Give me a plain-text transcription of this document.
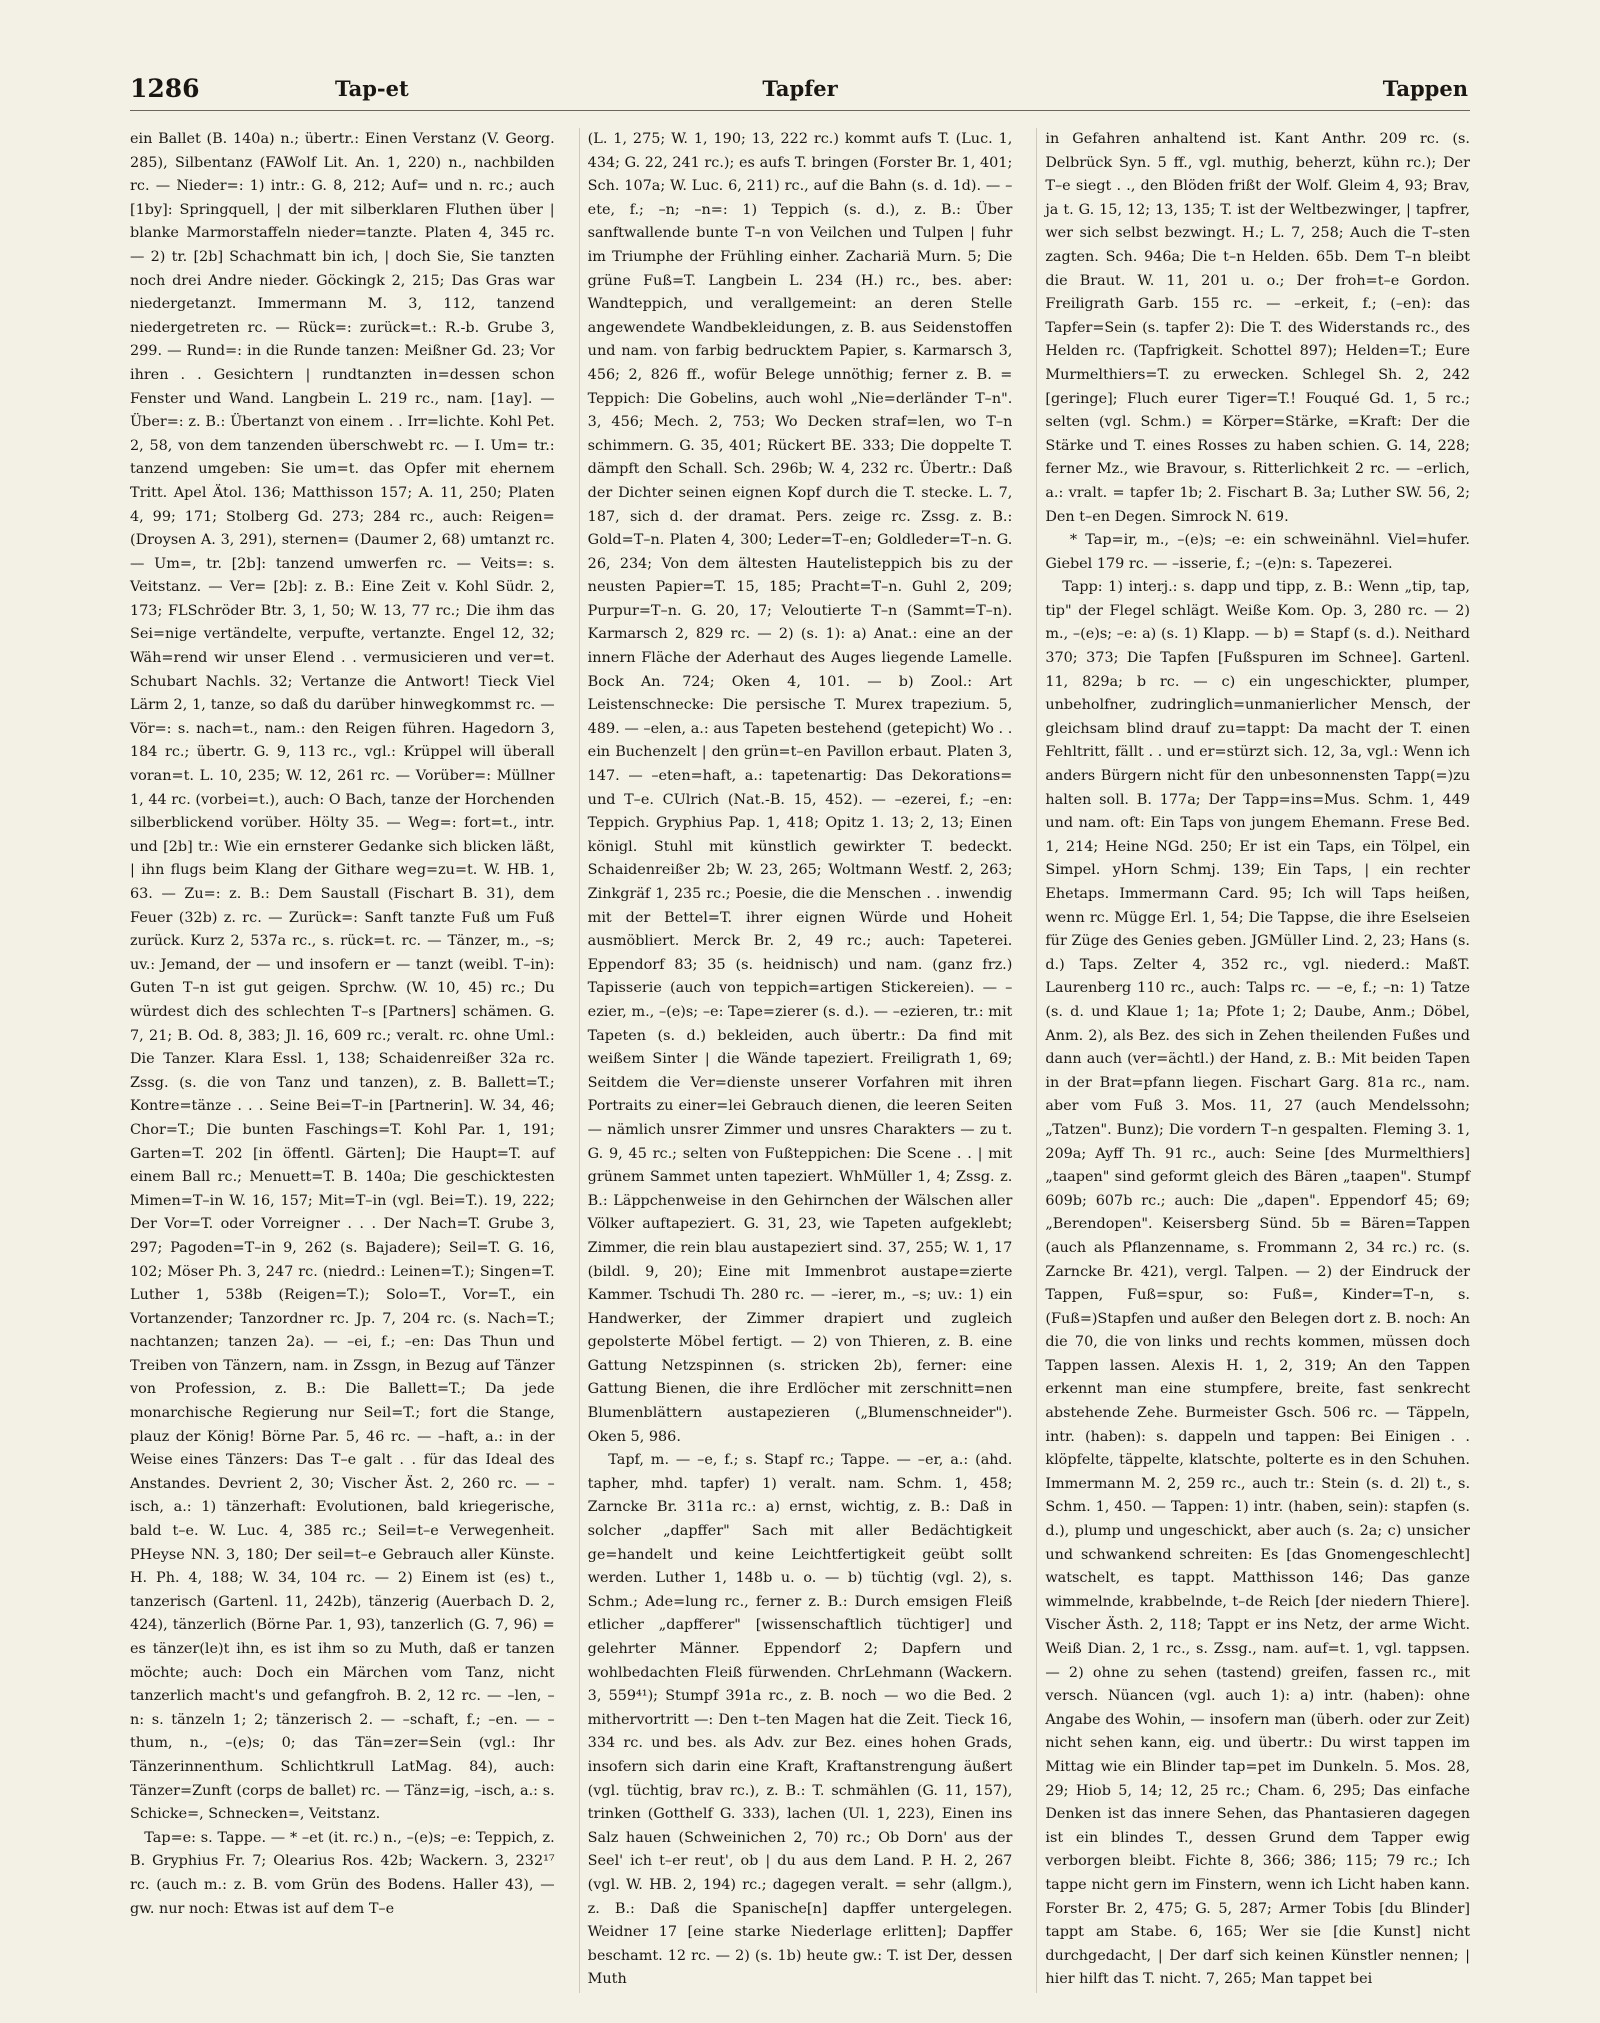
1286	Tap-et	Tapfer	Tappen

ein Ballet (B. 140a) n.; übertr.: Einen Verstanz (V. Georg. 285), Silbentanz (FAWolf Lit. An. 1, 220) n., nachbilden rc. — Nieder=: 1) intr.: G. 8, 212; Auf= und n. rc.; auch [1by]: Springquell, | der mit silberklaren Fluthen über | blanke Marmorstaffeln nieder=tanzte. Platen 4, 345 rc. — 2) tr. [2b] Schachmatt bin ich, | doch Sie, Sie tanzten noch drei Andre nieder. Göckingk 2, 215; Das Gras war niedergetanzt. Immermann M. 3, 112, tanzend niedergetreten rc. — Rück=: zurück=t.: R.-b. Grube 3, 299. — Rund=: in die Runde tanzen: Meißner Gd. 23; Vor ihren . . Gesichtern | rundtanzten in=dessen schon Fenster und Wand. Langbein L. 219 rc., nam. [1ay]. — Über=: z. B.: Übertanzt von einem . . Irr=lichte. Kohl Pet. 2, 58, von dem tanzenden überschwebt rc. — I. Um= tr.: tanzend umgeben: Sie um=t. das Opfer mit ehernem Tritt. Apel Ätol. 136; Matthisson 157; A. 11, 250; Platen 4, 99; 171; Stolberg Gd. 273; 284 rc., auch: Reigen= (Droysen A. 3, 291), sternen= (Daumer 2, 68) umtanzt rc. — Um=, tr. [2b]: tanzend umwerfen rc. — Veits=: s. Veitstanz. — Ver= [2b]: z. B.: Eine Zeit v. Kohl Südr. 2, 173; FLSchröder Btr. 3, 1, 50; W. 13, 77 rc.; Die ihm das Sei=nige vertändelte, verpufte, vertanzte. Engel 12, 32; Wäh=rend wir unser Elend . . vermusicieren und ver=t. Schubart Nachls. 32; Vertanze die Antwort! Tieck Viel Lärm 2, 1, tanze, so daß du darüber hinwegkommst rc. — Vör=: s. nach=t., nam.: den Reigen führen. Hagedorn 3, 184 rc.; übertr. G. 9, 113 rc., vgl.: Krüppel will überall voran=t. L. 10, 235; W. 12, 261 rc. — Vorüber=: Müllner 1, 44 rc. (vorbei=t.), auch: O Bach, tanze der Horchenden silberblickend vorüber. Hölty 35. — Weg=: fort=t., intr. und [2b] tr.: Wie ein ernsterer Gedanke sich blicken läßt, | ihn flugs beim Klang der Githare weg=zu=t. W. HB. 1, 63. — Zu=: z. B.: Dem Saustall (Fischart B. 31), dem Feuer (32b) z. rc. — Zurück=: Sanft tanzte Fuß um Fuß zurück. Kurz 2, 537a rc., s. rück=t. rc. — Tänzer, m., –s; uv.: Jemand, der — und insofern er — tanzt (weibl. T–in): Guten T–n ist gut geigen. Sprchw. (W. 10, 45) rc.; Du würdest dich des schlechten T–s [Partners] schämen. G. 7, 21; B. Od. 8, 383; Jl. 16, 609 rc.; veralt. rc. ohne Uml.: Die Tanzer. Klara Essl. 1, 138; Schaidenreißer 32a rc. Zssg. (s. die von Tanz und tanzen), z. B. Ballett=T.; Kontre=tänze . . . Seine Bei=T–in [Partnerin]. W. 34, 46; Chor=T.; Die bunten Faschings=T. Kohl Par. 1, 191; Garten=T. 202 [in öffentl. Gärten]; Die Haupt=T. auf einem Ball rc.; Menuett=T. B. 140a; Die geschicktesten Mimen=T–in W. 16, 157; Mit=T–in (vgl. Bei=T.). 19, 222; Der Vor=T. oder Vorreigner . . . Der Nach=T. Grube 3, 297; Pagoden=T–in 9, 262 (s. Bajadere); Seil=T. G. 16, 102; Möser Ph. 3, 247 rc. (niedrd.: Leinen=T.); Singen=T. Luther 1, 538b (Reigen=T.); Solo=T., Vor=T., ein Vortanzender; Tanzordner rc. Jp. 7, 204 rc. (s. Nach=T.; nachtanzen; tanzen 2a). — –ei, f.; –en: Das Thun und Treiben von Tänzern, nam. in Zssgn, in Bezug auf Tänzer von Profession, z. B.: Die Ballett=T.; Da jede monarchische Regierung nur Seil=T.; fort die Stange, plauz der König! Börne Par. 5, 46 rc. — –haft, a.: in der Weise eines Tänzers: Das T–e galt . . für das Ideal des Anstandes. Devrient 2, 30; Vischer Äst. 2, 260 rc. — –isch, a.: 1) tänzerhaft: Evolutionen, bald kriegerische, bald t–e. W. Luc. 4, 385 rc.; Seil=t–e Verwegenheit. PHeyse NN. 3, 180; Der seil=t–e Gebrauch aller Künste. H. Ph. 4, 188; W. 34, 104 rc. — 2) Einem ist (es) t., tanzerisch (Gartenl. 11, 242b), tänzerig (Auerbach D. 2, 424), tänzerlich (Börne Par. 1, 93), tanzerlich (G. 7, 96) = es tänzer(le)t ihn, es ist ihm so zu Muth, daß er tanzen möchte; auch: Doch ein Märchen vom Tanz, nicht tanzerlich macht's und gefangfroh. B. 2, 12 rc. — –len, –n: s. tänzeln 1; 2; tänzerisch 2. — –schaft, f.; –en. — –thum, n., –(e)s; 0; das Tän=zer=Sein (vgl.: Ihr Tänzerinnenthum. Schlichtkrull LatMag. 84), auch: Tänzer=Zunft (corps de ballet) rc. — Tänz=ig, –isch, a.: s. Schicke=, Schnecken=, Veitstanz.
Tap=e: s. Tappe. — * –et (it. rc.) n., –(e)s; –e: Teppich, z. B. Gryphius Fr. 7; Olearius Ros. 42b; Wackern. 3, 232¹⁷ rc. (auch m.: z. B. vom Grün des Bodens. Haller 43), — gw. nur noch: Etwas ist auf dem T–e

(L. 1, 275; W. 1, 190; 13, 222 rc.) kommt aufs T. (Luc. 1, 434; G. 22, 241 rc.); es aufs T. bringen (Forster Br. 1, 401; Sch. 107a; W. Luc. 6, 211) rc., auf die Bahn (s. d. 1d). — –ete, f.; –n; –n=: 1) Teppich (s. d.), z. B.: Über sanftwallende bunte T–n von Veilchen und Tulpen | fuhr im Triumphe der Frühling einher. Zachariä Murn. 5; Die grüne Fuß=T. Langbein L. 234 (H.) rc., bes. aber: Wandteppich, und verallgemeint: an deren Stelle angewendete Wandbekleidungen, z. B. aus Seidenstoffen und nam. von farbig bedrucktem Papier, s. Karmarsch 3, 456; 2, 826 ff., wofür Belege unnöthig; ferner z. B. = Teppich: Die Gobelins, auch wohl „Nie=derländer T–n". 3, 456; Mech. 2, 753; Wo Decken straf=len, wo T–n schimmern. G. 35, 401; Rückert BE. 333; Die doppelte T. dämpft den Schall. Sch. 296b; W. 4, 232 rc. Übertr.: Daß der Dichter seinen eignen Kopf durch die T. stecke. L. 7, 187, sich d. der dramat. Pers. zeige rc. Zssg. z. B.: Gold=T–n. Platen 4, 300; Leder=T–en; Goldleder=T–n. G. 26, 234; Von dem ältesten Hautelisteppich bis zu der neusten Papier=T. 15, 185; Pracht=T–n. Guhl 2, 209; Purpur=T–n. G. 20, 17; Veloutierte T–n (Sammt=T–n). Karmarsch 2, 829 rc. — 2) (s. 1): a) Anat.: eine an der innern Fläche der Aderhaut des Auges liegende Lamelle. Bock An. 724; Oken 4, 101. — b) Zool.: Art Leistenschnecke: Die persische T. Murex trapezium. 5, 489. — –elen, a.: aus Tapeten bestehend (getepicht) Wo . . ein Buchenzelt | den grün=t–en Pavillon erbaut. Platen 3, 147. — –eten=haft, a.: tapetenartig: Das Dekorations= und T–e. CUlrich (Nat.-B. 15, 452). — –ezerei, f.; –en: Teppich. Gryphius Pap. 1, 418; Opitz 1. 13; 2, 13; Einen königl. Stuhl mit künstlich gewirkter T. bedeckt. Schaidenreißer 2b; W. 23, 265; Woltmann Westf. 2, 263; Zinkgräf 1, 235 rc.; Poesie, die die Menschen . . inwendig mit der Bettel=T. ihrer eignen Würde und Hoheit ausmöbliert. Merck Br. 2, 49 rc.; auch: Tapeterei. Eppendorf 83; 35 (s. heidnisch) und nam. (ganz frz.) Tapisserie (auch von teppich=artigen Stickereien). — –ezier, m., –(e)s; –e: Tape=zierer (s. d.). — –ezieren, tr.: mit Tapeten (s. d.) bekleiden, auch übertr.: Da find mit weißem Sinter | die Wände tapeziert. Freiligrath 1, 69; Seitdem die Ver=dienste unserer Vorfahren mit ihren Portraits zu einer=lei Gebrauch dienen, die leeren Seiten — nämlich unsrer Zimmer und unsres Charakters — zu t. G. 9, 45 rc.; selten von Fußteppichen: Die Scene . . | mit grünem Sammet unten tapeziert. WhMüller 1, 4; Zssg. z. B.: Läppchenweise in den Gehirnchen der Wälschen aller Völker auftapeziert. G. 31, 23, wie Tapeten aufgeklebt; Zimmer, die rein blau austapeziert sind. 37, 255; W. 1, 17 (bildl. 9, 20); Eine mit Immenbrot austape=zierte Kammer. Tschudi Th. 280 rc. — –ierer, m., –s; uv.: 1) ein Handwerker, der Zimmer drapiert und zugleich gepolsterte Möbel fertigt. — 2) von Thieren, z. B. eine Gattung Netzspinnen (s. stricken 2b), ferner: eine Gattung Bienen, die ihre Erdlöcher mit zerschnitt=nen Blumenblättern austapezieren („Blumenschneider"). Oken 5, 986.
Tapf, m. — –e, f.; s. Stapf rc.; Tappe. — –er, a.: (ahd. tapher, mhd. tapfer) 1) veralt. nam. Schm. 1, 458; Zarncke Br. 311a rc.: a) ernst, wichtig, z. B.: Daß in solcher „dapffer" Sach mit aller Bedächtigkeit ge=handelt und keine Leichtfertigkeit geübt sollt werden. Luther 1, 148b u. o. — b) tüchtig (vgl. 2), s. Schm.; Ade=lung rc., ferner z. B.: Durch emsigen Fleiß etlicher „dapfferer" [wissenschaftlich tüchtiger] und gelehrter Männer. Eppendorf 2; Dapfern und wohlbedachten Fleiß fürwenden. ChrLehmann (Wackern. 3, 559⁴¹); Stumpf 391a rc., z. B. noch — wo die Bed. 2 mithervortritt —: Den t–ten Magen hat die Zeit. Tieck 16, 334 rc. und bes. als Adv. zur Bez. eines hohen Grads, insofern sich darin eine Kraft, Kraftanstrengung äußert (vgl. tüchtig, brav rc.), z. B.: T. schmählen (G. 11, 157), trinken (Gotthelf G. 333), lachen (Ul. 1, 223), Einen ins Salz hauen (Schweinichen 2, 70) rc.; Ob Dorn' aus der Seel' ich t–er reut', ob | du aus dem Land. P. H. 2, 267 (vgl. W. HB. 2, 194) rc.; dagegen veralt. = sehr (allgm.), z. B.: Daß die Spanische[n] dapffer untergelegen. Weidner 17 [eine starke Niederlage erlitten]; Dapffer beschamt. 12 rc. — 2) (s. 1b) heute gw.: T. ist Der, dessen Muth

in Gefahren anhaltend ist. Kant Anthr. 209 rc. (s. Delbrück Syn. 5 ff., vgl. muthig, beherzt, kühn rc.); Der T–e siegt . ., den Blöden frißt der Wolf. Gleim 4, 93; Brav, ja t. G. 15, 12; 13, 135; T. ist der Weltbezwinger, | tapfrer, wer sich selbst bezwingt. H.; L. 7, 258; Auch die T–sten zagten. Sch. 946a; Die t–n Helden. 65b. Dem T–n bleibt die Braut. W. 11, 201 u. o.; Der froh=t–e Gordon. Freiligrath Garb. 155 rc. — –erkeit, f.; (–en): das Tapfer=Sein (s. tapfer 2): Die T. des Widerstands rc., des Helden rc. (Tapfrigkeit. Schottel 897); Helden=T.; Eure Murmelthiers=T. zu erwecken. Schlegel Sh. 2, 242 [geringe]; Fluch eurer Tiger=T.! Fouqué Gd. 1, 5 rc.; selten (vgl. Schm.) = Körper=Stärke, =Kraft: Der die Stärke und T. eines Rosses zu haben schien. G. 14, 228; ferner Mz., wie Bravour, s. Ritterlichkeit 2 rc. — –erlich, a.: vralt. = tapfer 1b; 2. Fischart B. 3a; Luther SW. 56, 2; Den t–en Degen. Simrock N. 619.
* Tap=ir, m., –(e)s; –e: ein schweinähnl. Viel=hufer. Giebel 179 rc. — –isserie, f.; –(e)n: s. Tapezerei.
Tapp: 1) interj.: s. dapp und tipp, z. B.: Wenn „tip, tap, tip" der Flegel schlägt. Weiße Kom. Op. 3, 280 rc. — 2) m., –(e)s; –e: a) (s. 1) Klapp. — b) = Stapf (s. d.). Neithard 370; 373; Die Tapfen [Fußspuren im Schnee]. Gartenl. 11, 829a; b rc. — c) ein ungeschickter, plumper, unbeholfner, zudringlich=unmanierlicher Mensch, der gleichsam blind drauf zu=tappt: Da macht der T. einen Fehltritt, fällt . . und er=stürzt sich. 12, 3a, vgl.: Wenn ich anders Bürgern nicht für den unbesonnensten Tapp(=)zu halten soll. B. 177a; Der Tapp=ins=Mus. Schm. 1, 449 und nam. oft: Ein Taps von jungem Ehemann. Frese Bed. 1, 214; Heine NGd. 250; Er ist ein Taps, ein Tölpel, ein Simpel. yHorn Schmj. 139; Ein Taps, | ein rechter Ehetaps. Immermann Card. 95; Ich will Taps heißen, wenn rc. Mügge Erl. 1, 54; Die Tappse, die ihre Eselseien für Züge des Genies geben. JGMüller Lind. 2, 23; Hans (s. d.) Taps. Zelter 4, 352 rc., vgl. niederd.: MaßT. Laurenberg 110 rc., auch: Talps rc. — –e, f.; –n: 1) Tatze (s. d. und Klaue 1; 1a; Pfote 1; 2; Daube, Anm.; Döbel, Anm. 2), als Bez. des sich in Zehen theilenden Fußes und dann auch (ver=ächtl.) der Hand, z. B.: Mit beiden Tapen in der Brat=pfann liegen. Fischart Garg. 81a rc., nam. aber vom Fuß 3. Mos. 11, 27 (auch Mendelssohn; „Tatzen". Bunz); Die vordern T–n gespalten. Fleming 3. 1, 209a; Ayff Th. 91 rc., auch: Seine [des Murmelthiers] „taapen" sind geformt gleich des Bären „taapen". Stumpf 609b; 607b rc.; auch: Die „dapen". Eppendorf 45; 69; „Berendopen". Keisersberg Sünd. 5b = Bären=Tappen (auch als Pflanzenname, s. Frommann 2, 34 rc.) rc. (s. Zarncke Br. 421), vergl. Talpen. — 2) der Eindruck der Tappen, Fuß=spur, so: Fuß=, Kinder=T–n, s. (Fuß=)Stapfen und außer den Belegen dort z. B. noch: An die 70, die von links und rechts kommen, müssen doch Tappen lassen. Alexis H. 1, 2, 319; An den Tappen erkennt man eine stumpfere, breite, fast senkrecht abstehende Zehe. Burmeister Gsch. 506 rc. — Täppeln, intr. (haben): s. dappeln und tappen: Bei Einigen . . klöpfelte, täppelte, klatschte, polterte es in den Schuhen. Immermann M. 2, 259 rc., auch tr.: Stein (s. d. 2l) t., s. Schm. 1, 450. — Tappen: 1) intr. (haben, sein): stapfen (s. d.), plump und ungeschickt, aber auch (s. 2a; c) unsicher und schwankend schreiten: Es [das Gnomengeschlecht] watschelt, es tappt. Matthisson 146; Das ganze wimmelnde, krabbelnde, t–de Reich [der niedern Thiere]. Vischer Ästh. 2, 118; Tappt er ins Netz, der arme Wicht. Weiß Dian. 2, 1 rc., s. Zssg., nam. auf=t. 1, vgl. tappsen. — 2) ohne zu sehen (tastend) greifen, fassen rc., mit versch. Nüancen (vgl. auch 1): a) intr. (haben): ohne Angabe des Wohin, — insofern man (überh. oder zur Zeit) nicht sehen kann, eig. und übertr.: Du wirst tappen im Mittag wie ein Blinder tap=pet im Dunkeln. 5. Mos. 28, 29; Hiob 5, 14; 12, 25 rc.; Cham. 6, 295; Das einfache Denken ist das innere Sehen, das Phantasieren dagegen ist ein blindes T., dessen Grund dem Tapper ewig verborgen bleibt. Fichte 8, 366; 386; 115; 79 rc.; Ich tappe nicht gern im Finstern, wenn ich Licht haben kann. Forster Br. 2, 475; G. 5, 287; Armer Tobis [du Blinder] tappt am Stabe. 6, 165; Wer sie [die Kunst] nicht durchgedacht, | Der darf sich keinen Künstler nennen; | hier hilft das T. nicht. 7, 265; Man tappet bei
